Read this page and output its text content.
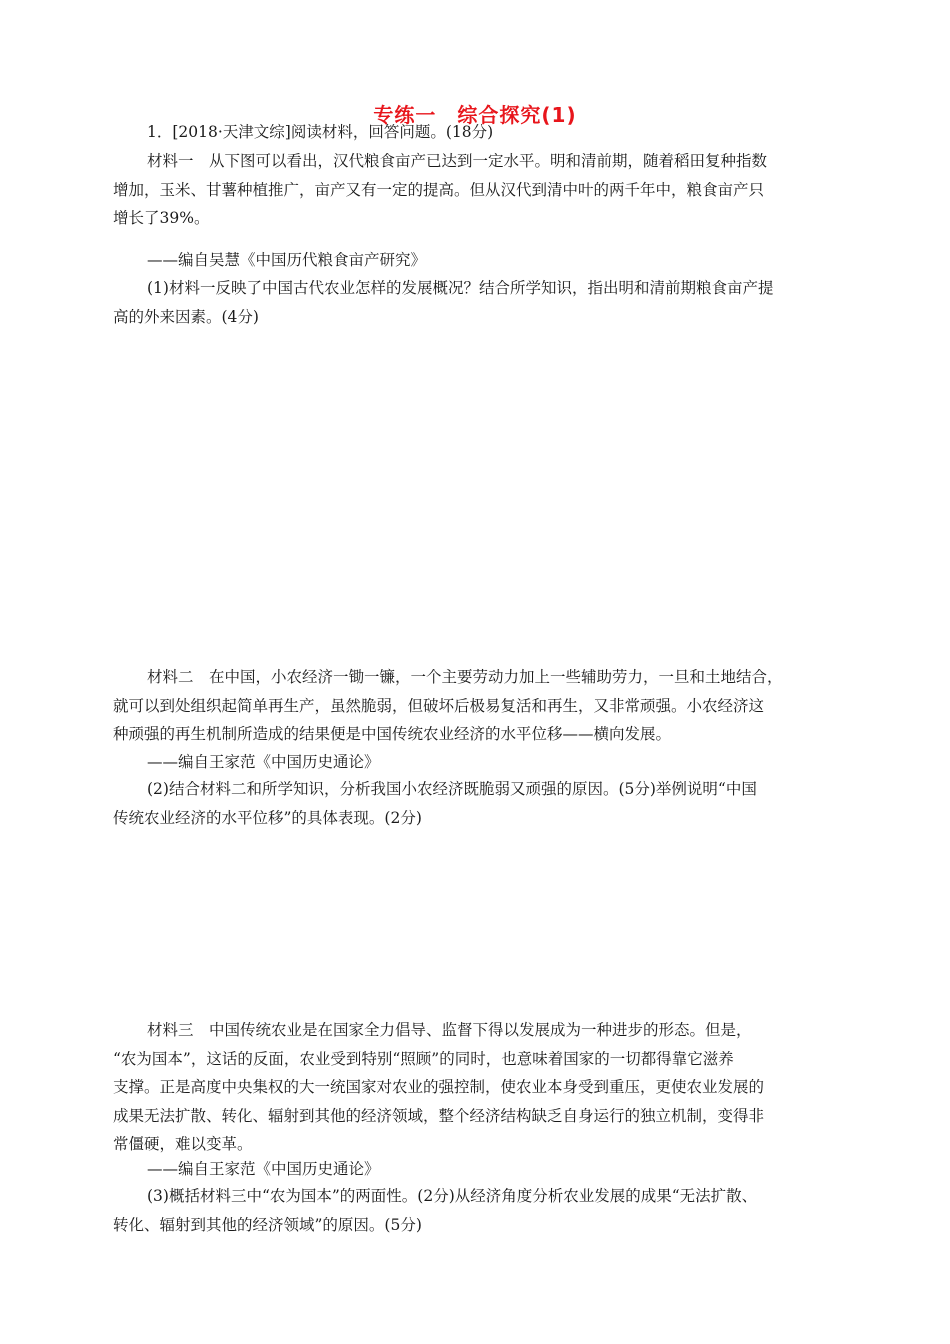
专练一　综合探究(1)
1．[2018·天津文综]阅读材料，回答问题。(18分)
材料一　从下图可以看出，汉代粮食亩产已达到一定水平。明和清前期，随着稻田复种指数
增加，玉米、甘薯种植推广，亩产又有一定的提高。但从汉代到清中叶的两千年中，粮食亩产只
增长了39%。
——编自吴慧《中国历代粮食亩产研究》
(1)材料一反映了中国古代农业怎样的发展概况？结合所学知识，指出明和清前期粮食亩产提
高的外来因素。(4分)
材料二　在中国，小农经济一锄一镰，一个主要劳动力加上一些辅助劳力，一旦和土地结合，
就可以到处组织起简单再生产，虽然脆弱，但破坏后极易复活和再生，又非常顽强。小农经济这
种顽强的再生机制所造成的结果便是中国传统农业经济的水平位移——横向发展。
——编自王家范《中国历史通论》
(2)结合材料二和所学知识，分析我国小农经济既脆弱又顽强的原因。(5分)举例说明“中国
传统农业经济的水平位移”的具体表现。(2分)
材料三　中国传统农业是在国家全力倡导、监督下得以发展成为一种进步的形态。但是，
“农为国本”，这话的反面，农业受到特别“照顾”的同时，也意味着国家的一切都得靠它滋养
支撑。正是高度中央集权的大一统国家对农业的强控制，使农业本身受到重压，更使农业发展的
成果无法扩散、转化、辐射到其他的经济领域，整个经济结构缺乏自身运行的独立机制，变得非
常僵硬，难以变革。
——编自王家范《中国历史通论》
(3)概括材料三中“农为国本”的两面性。(2分)从经济角度分析农业发展的成果“无法扩散、
转化、辐射到其他的经济领域”的原因。(5分)
